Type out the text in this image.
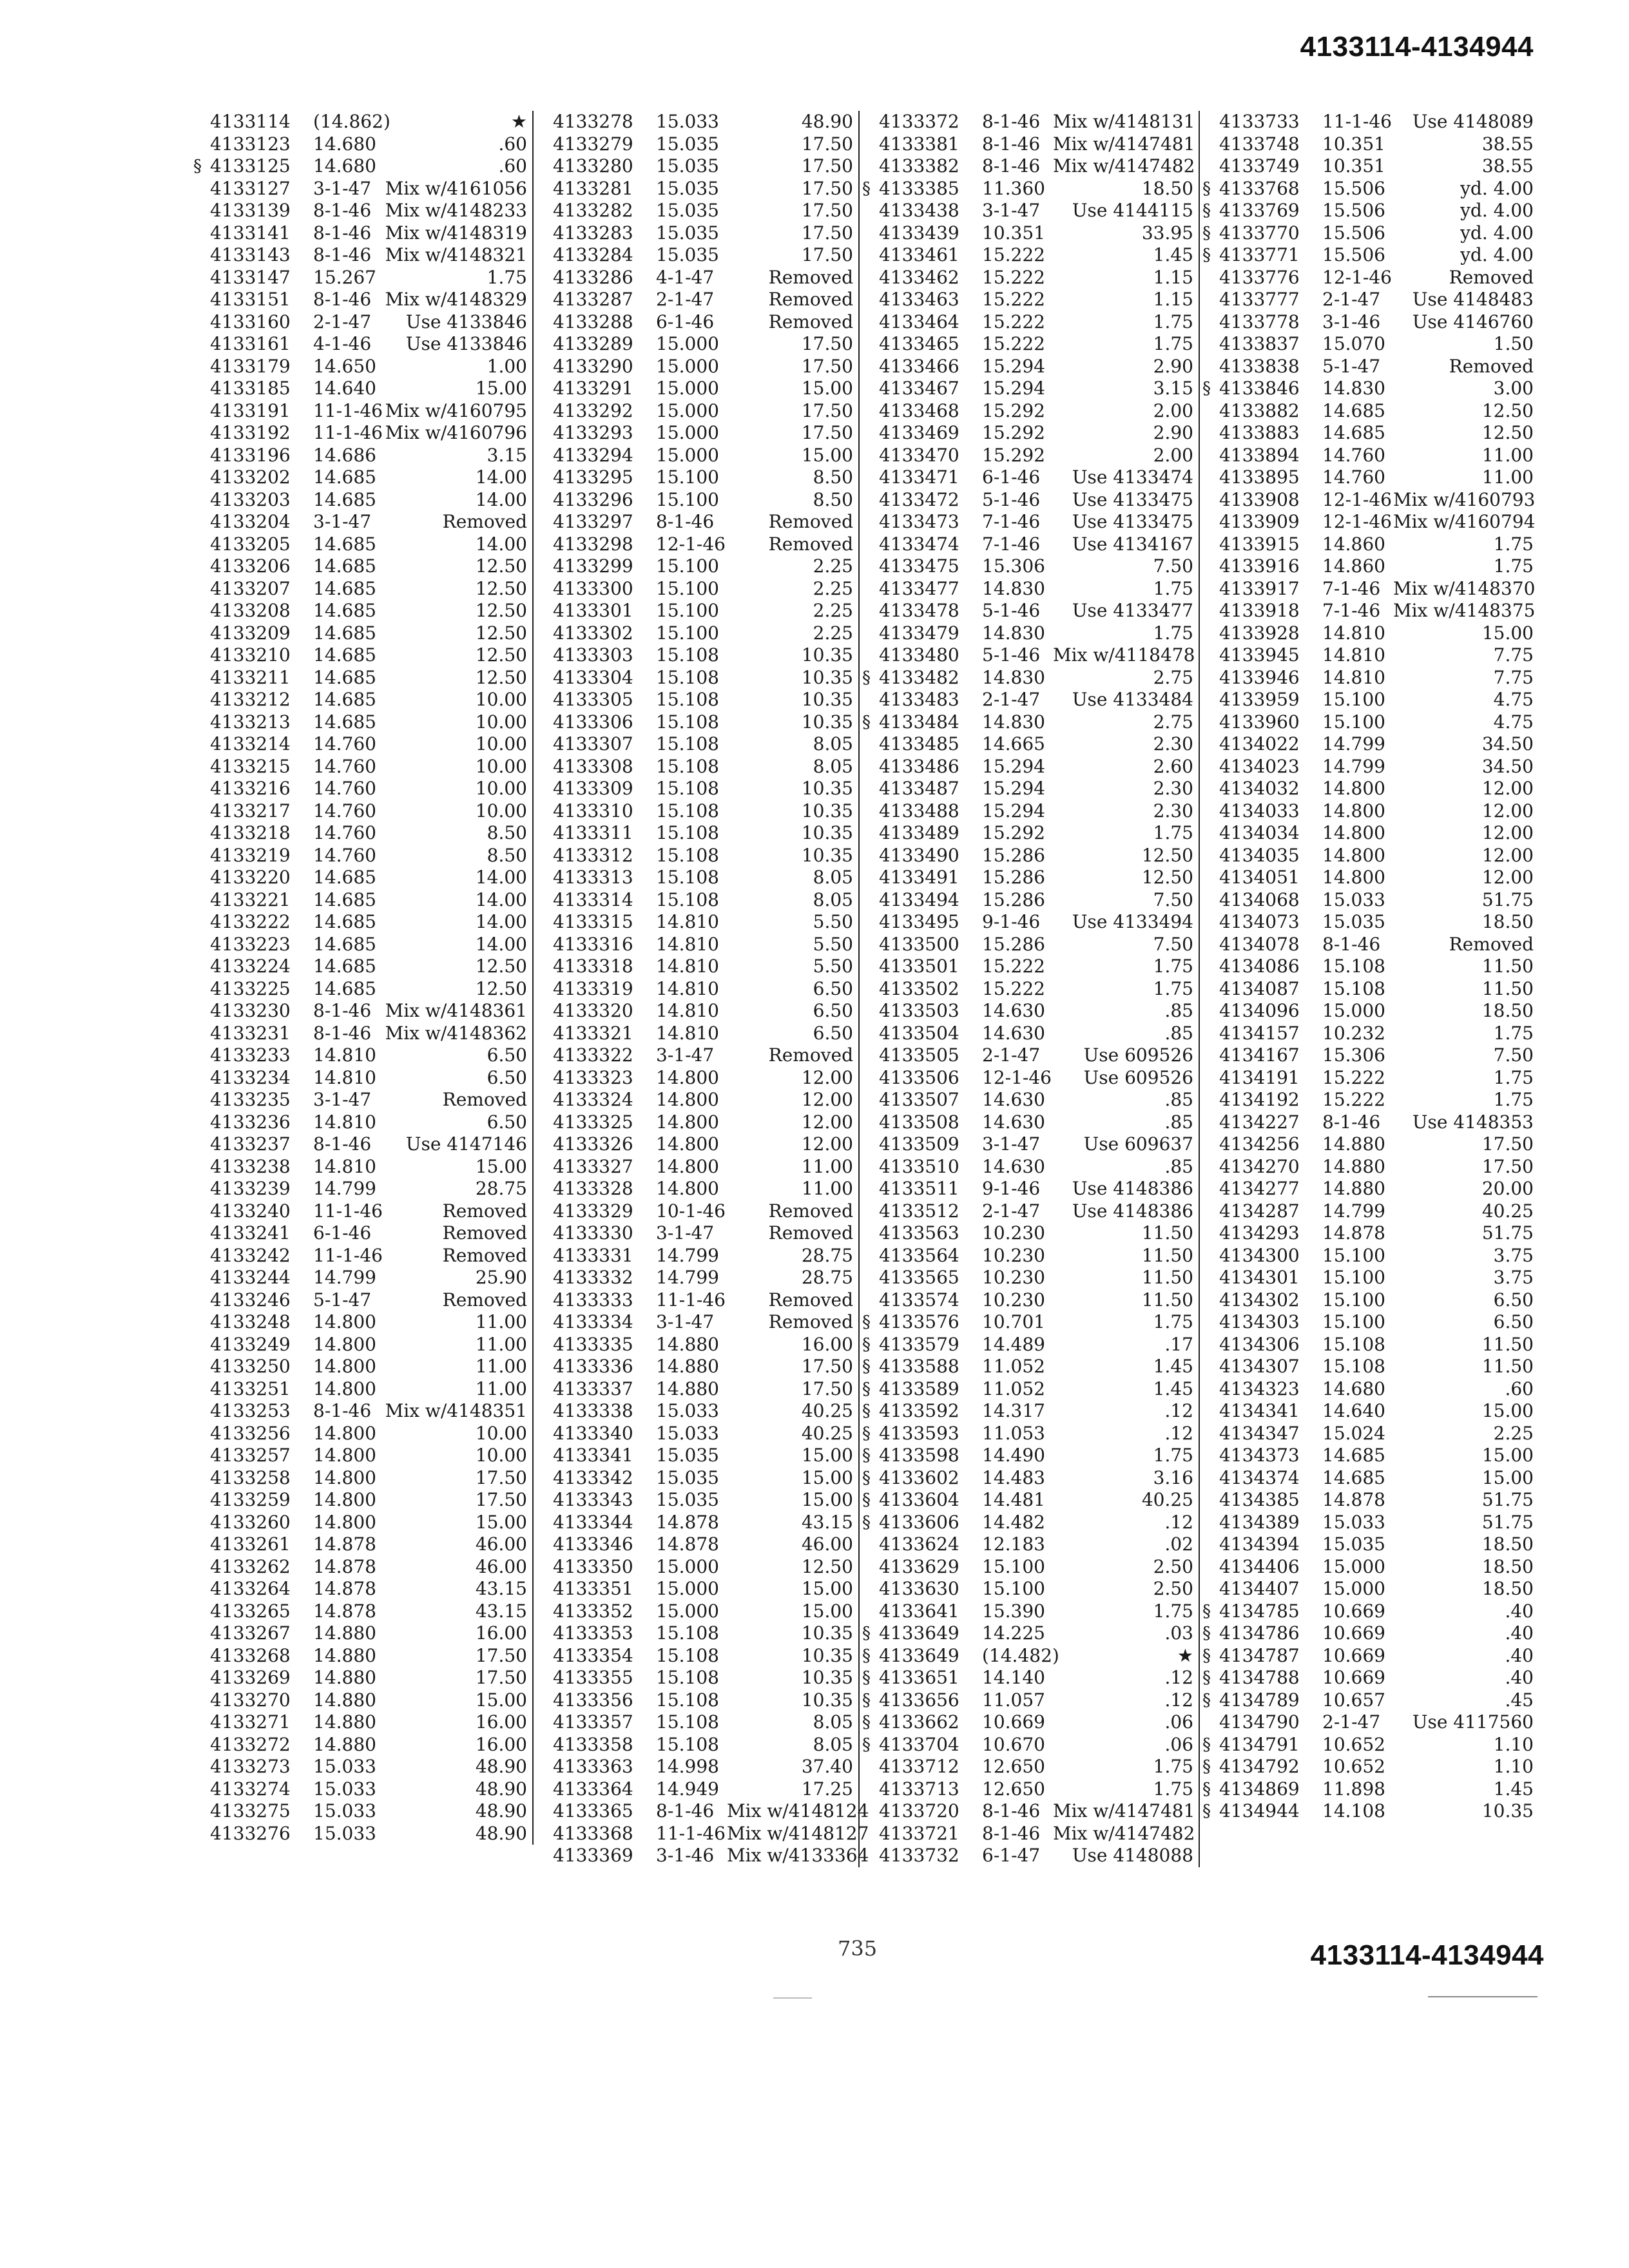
4133114-4134944
4133114	(14.862)	★
4133123	14.680	.60
§ 4133125	14.680	.60
4133127	3-1-47 Mix w/4161056
4133139	8-1-46 Mix w/4148233
4133141	8-1-46 Mix w/4148319
4133143	8-1-46 Mix w/4148321
4133147	15.267	1.75
4133151	8-1-46 Mix w/4148329
4133160	2-1-47	Use 4133846
4133161	4-1-46	Use 4133846
4133179	14.650	1.00
4133185	14.640	15.00
4133191	11-1-46 Mix w/4160795
4133192	11-1-46 Mix w/4160796
4133196	14.686	3.15
4133202	14.685	14.00
4133203	14.685	14.00
4133204	3-1-47	Removed
4133205	14.685	14.00
4133206	14.685	12.50
4133207	14.685	12.50
4133208	14.685	12.50
4133209	14.685	12.50
4133210	14.685	12.50
4133211	14.685	12.50
4133212	14.685	10.00
4133213	14.685	10.00
4133214	14.760	10.00
4133215	14.760	10.00
4133216	14.760	10.00
4133217	14.760	10.00
4133218	14.760	8.50
4133219	14.760	8.50
4133220	14.685	14.00
4133221	14.685	14.00
4133222	14.685	14.00
4133223	14.685	14.00
4133224	14.685	12.50
4133225	14.685	12.50
4133230	8-1-46 Mix w/4148361
4133231	8-1-46 Mix w/4148362
4133233	14.810	6.50
4133234	14.810	6.50
4133235	3-1-47	Removed
4133236	14.810	6.50
4133237	8-1-46	Use 4147146
4133238	14.810	15.00
4133239	14.799	28.75
4133240	11-1-46	Removed
4133241	6-1-46	Removed
4133242	11-1-46	Removed
4133244	14.799	25.90
4133246	5-1-47	Removed
4133248	14.800	11.00
4133249	14.800	11.00
4133250	14.800	11.00
4133251	14.800	11.00
4133253	8-1-46 Mix w/4148351
4133256	14.800	10.00
4133257	14.800	10.00
4133258	14.800	17.50
4133259	14.800	17.50
4133260	14.800	15.00
4133261	14.878	46.00
4133262	14.878	46.00
4133264	14.878	43.15
4133265	14.878	43.15
4133267	14.880	16.00
4133268	14.880	17.50
4133269	14.880	17.50
4133270	14.880	15.00
4133271	14.880	16.00
4133272	14.880	16.00
4133273	15.033	48.90
4133274	15.033	48.90
4133275	15.033	48.90
4133276	15.033	48.90
4133278	15.033	48.90
4133279	15.035	17.50
4133280	15.035	17.50
4133281	15.035	17.50
4133282	15.035	17.50
4133283	15.035	17.50
4133284	15.035	17.50
4133286	4-1-47	Removed
4133287	2-1-47	Removed
4133288	6-1-46	Removed
4133289	15.000	17.50
4133290	15.000	17.50
4133291	15.000	15.00
4133292	15.000	17.50
4133293	15.000	17.50
4133294	15.000	15.00
4133295	15.100	8.50
4133296	15.100	8.50
4133297	8-1-46	Removed
4133298	12-1-46	Removed
4133299	15.100	2.25
4133300	15.100	2.25
4133301	15.100	2.25
4133302	15.100	2.25
4133303	15.108	10.35
4133304	15.108	10.35
4133305	15.108	10.35
4133306	15.108	10.35
4133307	15.108	8.05
4133308	15.108	8.05
4133309	15.108	10.35
4133310	15.108	10.35
4133311	15.108	10.35
4133312	15.108	10.35
4133313	15.108	8.05
4133314	15.108	8.05
4133315	14.810	5.50
4133316	14.810	5.50
4133318	14.810	5.50
4133319	14.810	6.50
4133320	14.810	6.50
4133321	14.810	6.50
4133322	3-1-47	Removed
4133323	14.800	12.00
4133324	14.800	12.00
4133325	14.800	12.00
4133326	14.800	12.00
4133327	14.800	11.00
4133328	14.800	11.00
4133329	10-1-46	Removed
4133330	3-1-47	Removed
4133331	14.799	28.75
4133332	14.799	28.75
4133333	11-1-46	Removed
4133334	3-1-47	Removed
4133335	14.880	16.00
4133336	14.880	17.50
4133337	14.880	17.50
4133338	15.033	40.25
4133340	15.033	40.25
4133341	15.035	15.00
4133342	15.035	15.00
4133343	15.035	15.00
4133344	14.878	43.15
4133346	14.878	46.00
4133350	15.000	12.50
4133351	15.000	15.00
4133352	15.000	15.00
4133353	15.108	10.35
4133354	15.108	10.35
4133355	15.108	10.35
4133356	15.108	10.35
4133357	15.108	8.05
4133358	15.108	8.05
4133363	14.998	37.40
4133364	14.949	17.25
4133365	8-1-46 Mix w/4148124
4133368	11-1-46 Mix w/4148127
4133369	3-1-46 Mix w/4133364
4133372	8-1-46 Mix w/4148131
4133381	8-1-46 Mix w/4147481
4133382	8-1-46 Mix w/4147482
§ 4133385	11.360	18.50
4133438	3-1-47	Use 4144115
4133439	10.351	33.95
4133461	15.222	1.45
4133462	15.222	1.15
4133463	15.222	1.15
4133464	15.222	1.75
4133465	15.222	1.75
4133466	15.294	2.90
4133467	15.294	3.15
4133468	15.292	2.00
4133469	15.292	2.90
4133470	15.292	2.00
4133471	6-1-46	Use 4133474
4133472	5-1-46	Use 4133475
4133473	7-1-46	Use 4133475
4133474	7-1-46	Use 4134167
4133475	15.306	7.50
4133477	14.830	1.75
4133478	5-1-46	Use 4133477
4133479	14.830	1.75
4133480	5-1-46 Mix w/4118478
§ 4133482	14.830	2.75
4133483	2-1-47	Use 4133484
§ 4133484	14.830	2.75
4133485	14.665	2.30
4133486	15.294	2.60
4133487	15.294	2.30
4133488	15.294	2.30
4133489	15.292	1.75
4133490	15.286	12.50
4133491	15.286	12.50
4133494	15.286	7.50
4133495	9-1-46	Use 4133494
4133500	15.286	7.50
4133501	15.222	1.75
4133502	15.222	1.75
4133503	14.630	.85
4133504	14.630	.85
4133505	2-1-47	Use 609526
4133506	12-1-46	Use 609526
4133507	14.630	.85
4133508	14.630	.85
4133509	3-1-47	Use 609637
4133510	14.630	.85
4133511	9-1-46	Use 4148386
4133512	2-1-47	Use 4148386
4133563	10.230	11.50
4133564	10.230	11.50
4133565	10.230	11.50
4133574	10.230	11.50
§ 4133576	10.701	1.75
§ 4133579	14.489	.17
§ 4133588	11.052	1.45
§ 4133589	11.052	1.45
§ 4133592	14.317	.12
§ 4133593	11.053	.12
§ 4133598	14.490	1.75
§ 4133602	14.483	3.16
§ 4133604	14.481	40.25
§ 4133606	14.482	.12
4133624	12.183	.02
4133629	15.100	2.50
4133630	15.100	2.50
4133641	15.390	1.75
§ 4133649	14.225	.03
§ 4133649	(14.482)	★
§ 4133651	14.140	.12
§ 4133656	11.057	.12
§ 4133662	10.669	.06
§ 4133704	10.670	.06
4133712	12.650	1.75
4133713	12.650	1.75
4133720	8-1-46 Mix w/4147481
4133721	8-1-46 Mix w/4147482
4133732	6-1-47	Use 4148088
4133733	11-1-46	Use 4148089
4133748	10.351	38.55
4133749	10.351	38.55
§ 4133768	15.506	yd. 4.00
§ 4133769	15.506	yd. 4.00
§ 4133770	15.506	yd. 4.00
§ 4133771	15.506	yd. 4.00
4133776	12-1-46	Removed
4133777	2-1-47	Use 4148483
4133778	3-1-46	Use 4146760
4133837	15.070	1.50
4133838	5-1-47	Removed
§ 4133846	14.830	3.00
4133882	14.685	12.50
4133883	14.685	12.50
4133894	14.760	11.00
4133895	14.760	11.00
4133908	12-1-46 Mix w/4160793
4133909	12-1-46 Mix w/4160794
4133915	14.860	1.75
4133916	14.860	1.75
4133917	7-1-46 Mix w/4148370
4133918	7-1-46 Mix w/4148375
4133928	14.810	15.00
4133945	14.810	7.75
4133946	14.810	7.75
4133959	15.100	4.75
4133960	15.100	4.75
4134022	14.799	34.50
4134023	14.799	34.50
4134032	14.800	12.00
4134033	14.800	12.00
4134034	14.800	12.00
4134035	14.800	12.00
4134051	14.800	12.00
4134068	15.033	51.75
4134073	15.035	18.50
4134078	8-1-46	Removed
4134086	15.108	11.50
4134087	15.108	11.50
4134096	15.000	18.50
4134157	10.232	1.75
4134167	15.306	7.50
4134191	15.222	1.75
4134192	15.222	1.75
4134227	8-1-46	Use 4148353
4134256	14.880	17.50
4134270	14.880	17.50
4134277	14.880	20.00
4134287	14.799	40.25
4134293	14.878	51.75
4134300	15.100	3.75
4134301	15.100	3.75
4134302	15.100	6.50
4134303	15.100	6.50
4134306	15.108	11.50
4134307	15.108	11.50
4134323	14.680	.60
4134341	14.640	15.00
4134347	15.024	2.25
4134373	14.685	15.00
4134374	14.685	15.00
4134385	14.878	51.75
4134389	15.033	51.75
4134394	15.035	18.50
4134406	15.000	18.50
4134407	15.000	18.50
§ 4134785	10.669	.40
§ 4134786	10.669	.40
§ 4134787	10.669	.40
§ 4134788	10.669	.40
§ 4134789	10.657	.45
4134790	2-1-47	Use 4117560
§ 4134791	10.652	1.10
§ 4134792	10.652	1.10
§ 4134869	11.898	1.45
§ 4134944	14.108	10.35
735	4133114-4134944
